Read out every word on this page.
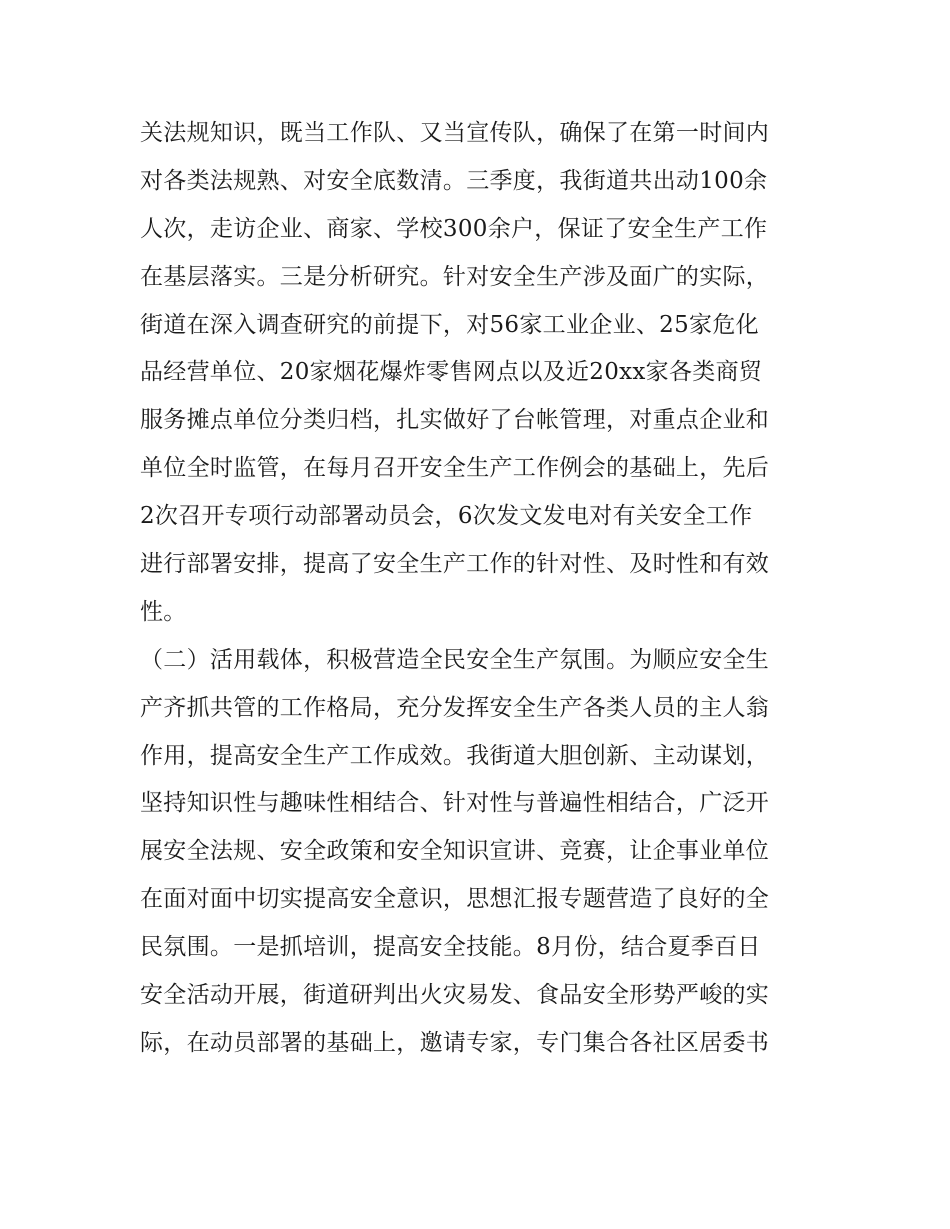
关法规知识，既当工作队、又当宣传队，确保了在第一时间内
对各类法规熟、对安全底数清。三季度，我街道共出动100余
人次，走访企业、商家、学校300余户，保证了安全生产工作
在基层落实。三是分析研究。针对安全生产涉及面广的实际，
街道在深入调查研究的前提下，对56家工业企业、25家危化
品经营单位、20家烟花爆炸零售网点以及近20xx家各类商贸
服务摊点单位分类归档，扎实做好了台帐管理，对重点企业和
单位全时监管，在每月召开安全生产工作例会的基础上，先后
2次召开专项行动部署动员会，6次发文发电对有关安全工作
进行部署安排，提高了安全生产工作的针对性、及时性和有效
性。
（二）活用载体，积极营造全民安全生产氛围。为顺应安全生
产齐抓共管的工作格局，充分发挥安全生产各类人员的主人翁
作用，提高安全生产工作成效。我街道大胆创新、主动谋划，
坚持知识性与趣味性相结合、针对性与普遍性相结合，广泛开
展安全法规、安全政策和安全知识宣讲、竞赛，让企事业单位
在面对面中切实提高安全意识，思想汇报专题营造了良好的全
民氛围。一是抓培训，提高安全技能。8月份，结合夏季百日
安全活动开展，街道研判出火灾易发、食品安全形势严峻的实
际，在动员部署的基础上，邀请专家，专门集合各社区居委书
